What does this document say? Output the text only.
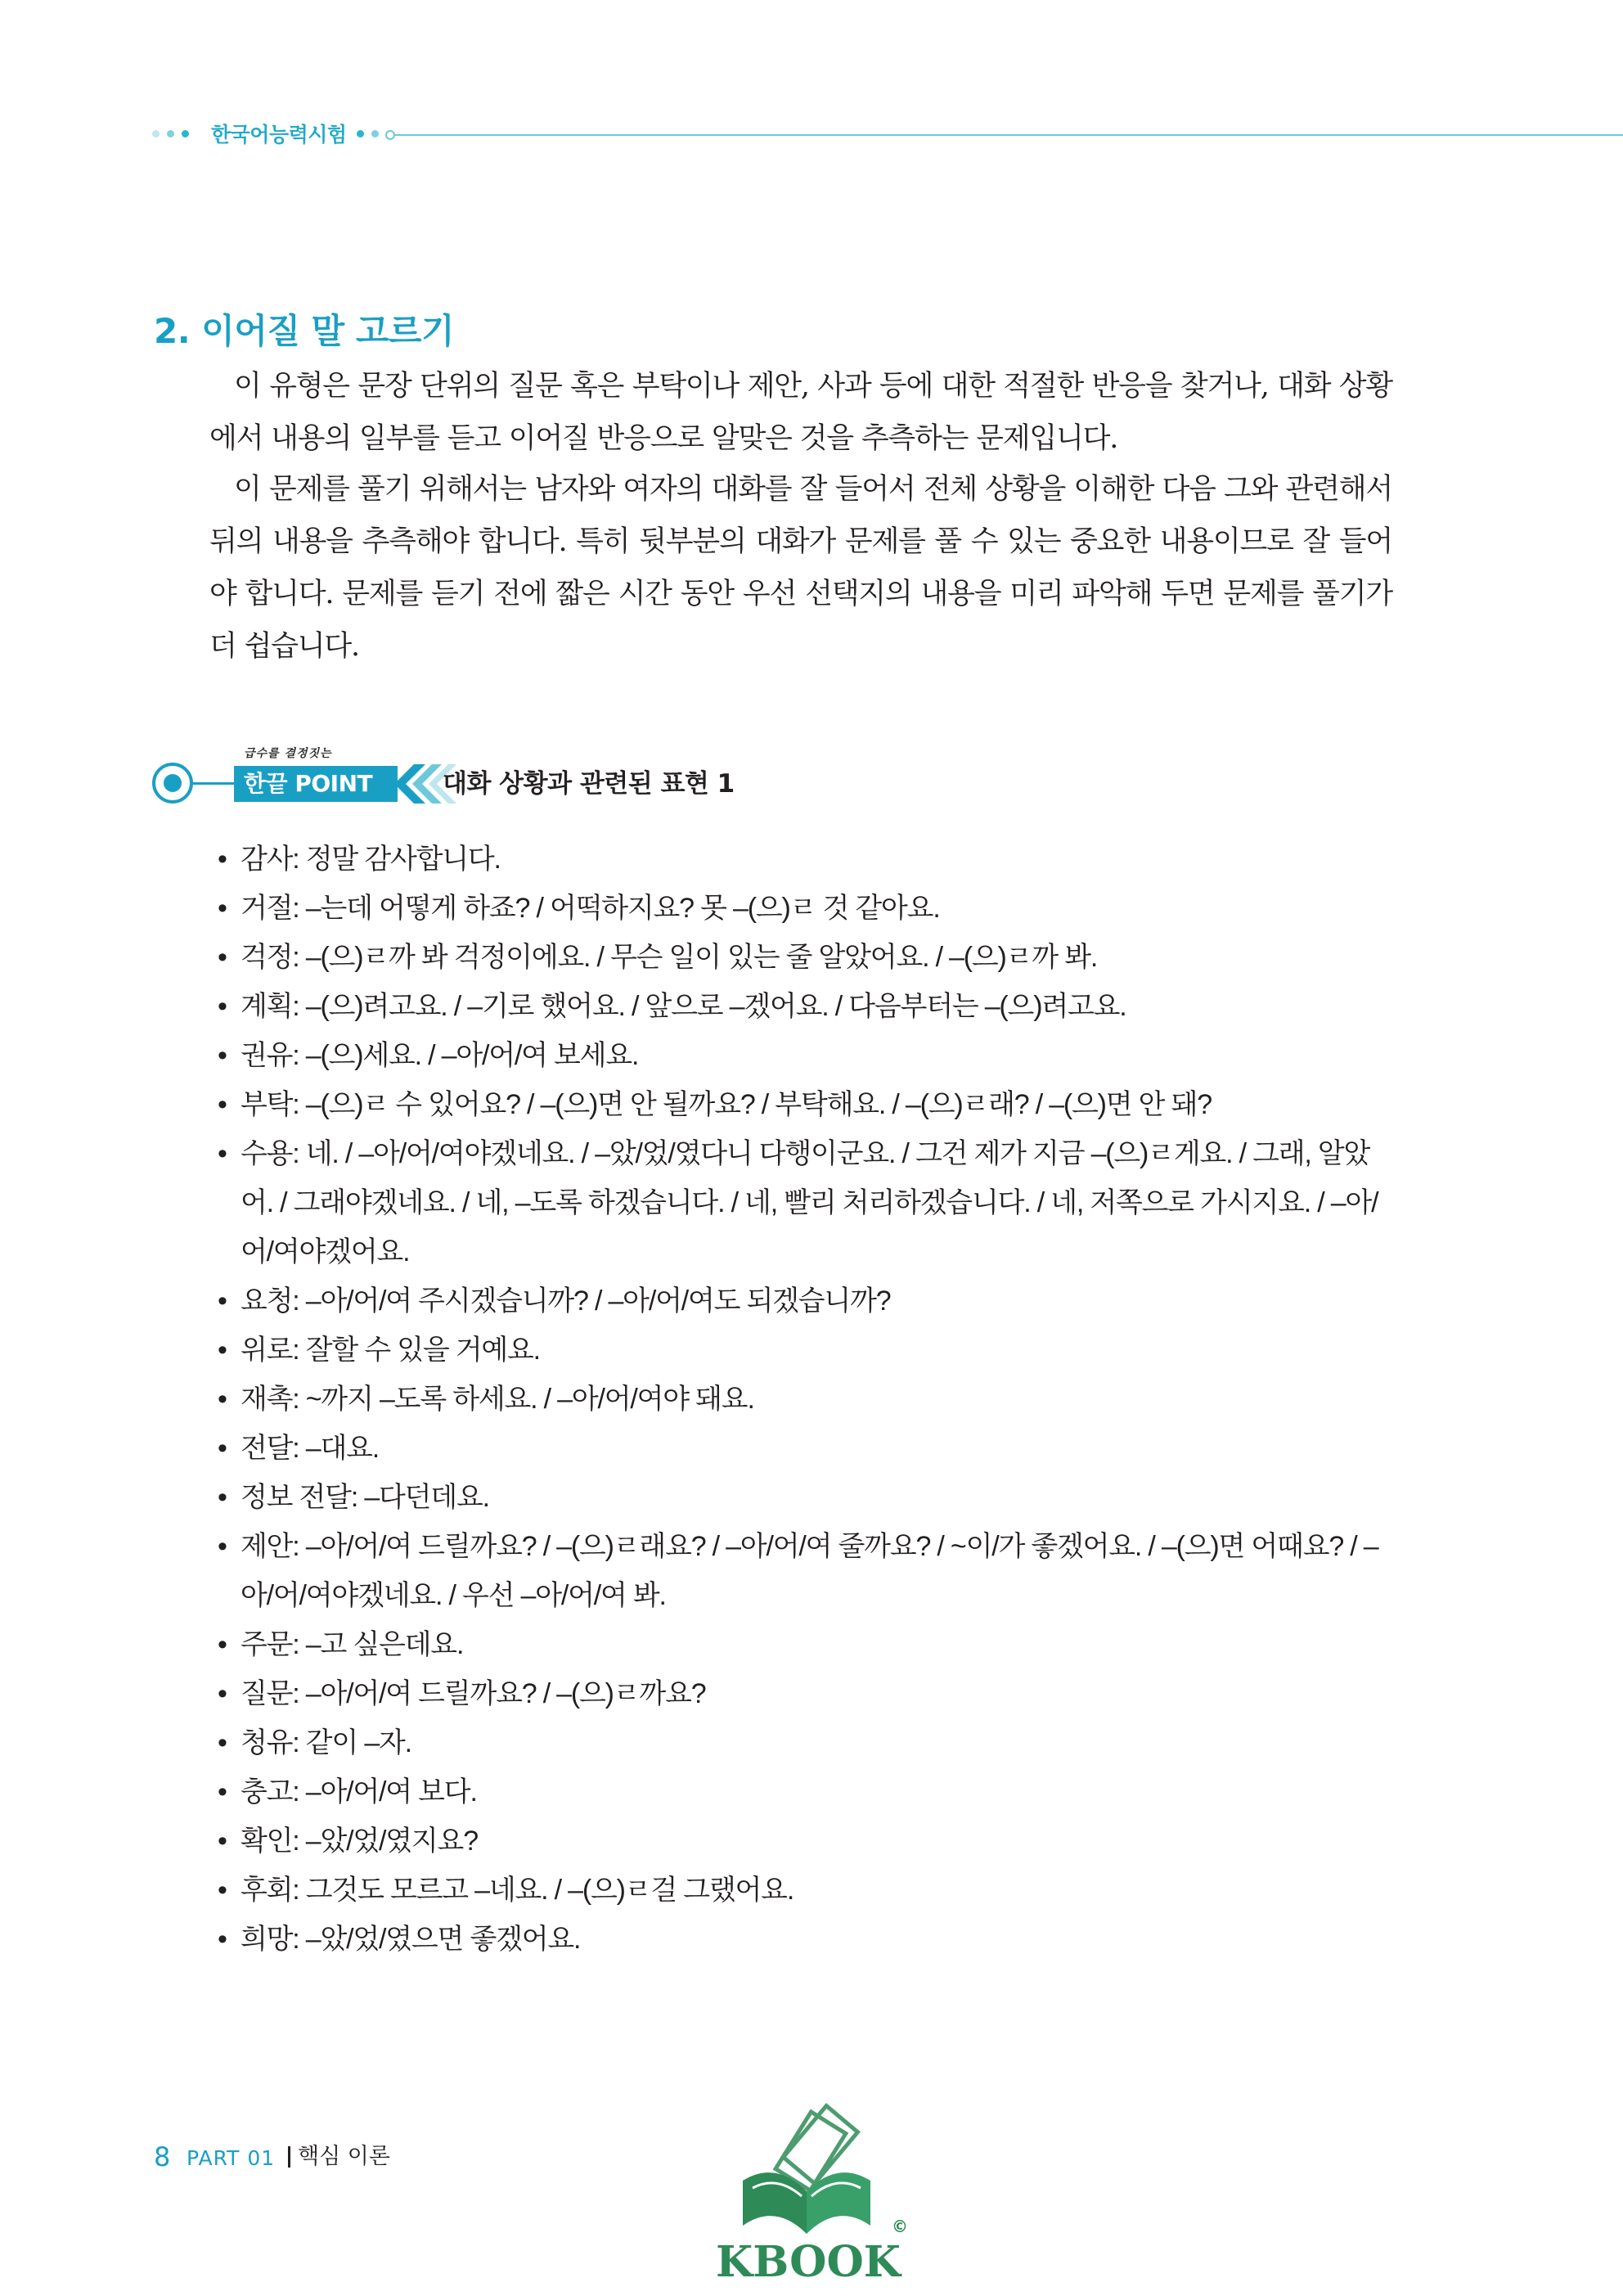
한국어능력시험
2. 이어질 말 고르기
이 유형은 문장 단위의 질문 혹은 부탁이나 제안, 사과 등에 대한 적절한 반응을 찾거나, 대화 상황에서 내용의 일부를 듣고 이어질 반응으로 알맞은 것을 추측하는 문제입니다.
이 문제를 풀기 위해서는 남자와 여자의 대화를 잘 들어서 전체 상황을 이해한 다음 그와 관련해서 뒤의 내용을 추측해야 합니다. 특히 뒷부분의 대화가 문제를 풀 수 있는 중요한 내용이므로 잘 들어야 합니다. 문제를 듣기 전에 짧은 시간 동안 우선 선택지의 내용을 미리 파악해 두면 문제를 풀기가 더 쉽습니다.
급수를 결정짓는
한끝 POINT	대화 상황과 관련된 표현 1
• 감사: 정말 감사합니다.
• 거절: –는데 어떻게 하죠? / 어떡하지요? 못 –(으)ㄹ 것 같아요.
• 걱정: –(으)ㄹ까 봐 걱정이에요. / 무슨 일이 있는 줄 알았어요. / –(으)ㄹ까 봐.
• 계획: –(으)려고요. / –기로 했어요. / 앞으로 –겠어요. / 다음부터는 –(으)려고요.
• 권유: –(으)세요. / –아/어/여 보세요.
• 부탁: –(으)ㄹ 수 있어요? / –(으)면 안 될까요? / 부탁해요. / –(으)ㄹ래? / –(으)면 안 돼?
• 수용: 네. / –아/어/여야겠네요. / –았/었/였다니 다행이군요. / 그건 제가 지금 –(으)ㄹ게요. / 그래, 알았어. / 그래야겠네요. / 네, –도록 하겠습니다. / 네, 빨리 처리하겠습니다. / 네, 저쪽으로 가시지요. / –아/어/여야겠어요.
• 요청: –아/어/여 주시겠습니까? / –아/어/여도 되겠습니까?
• 위로: 잘할 수 있을 거예요.
• 재촉: ~까지 –도록 하세요. / –아/어/여야 돼요.
• 전달: –대요.
• 정보 전달: –다던데요.
• 제안: –아/어/여 드릴까요? / –(으)ㄹ래요? / –아/어/여 줄까요? / ~이/가 좋겠어요. / –(으)면 어때요? / –아/어/여야겠네요. / 우선 –아/어/여 봐.
• 주문: –고 싶은데요.
• 질문: –아/어/여 드릴까요? / –(으)ㄹ까요?
• 청유: 같이 –자.
• 충고: –아/어/여 보다.
• 확인: –았/었/였지요?
• 후회: 그것도 모르고 –네요. / –(으)ㄹ걸 그랬어요.
• 희망: –았/었/였으면 좋겠어요.
8 PART 01 핵심 이론
©
KBOOK
